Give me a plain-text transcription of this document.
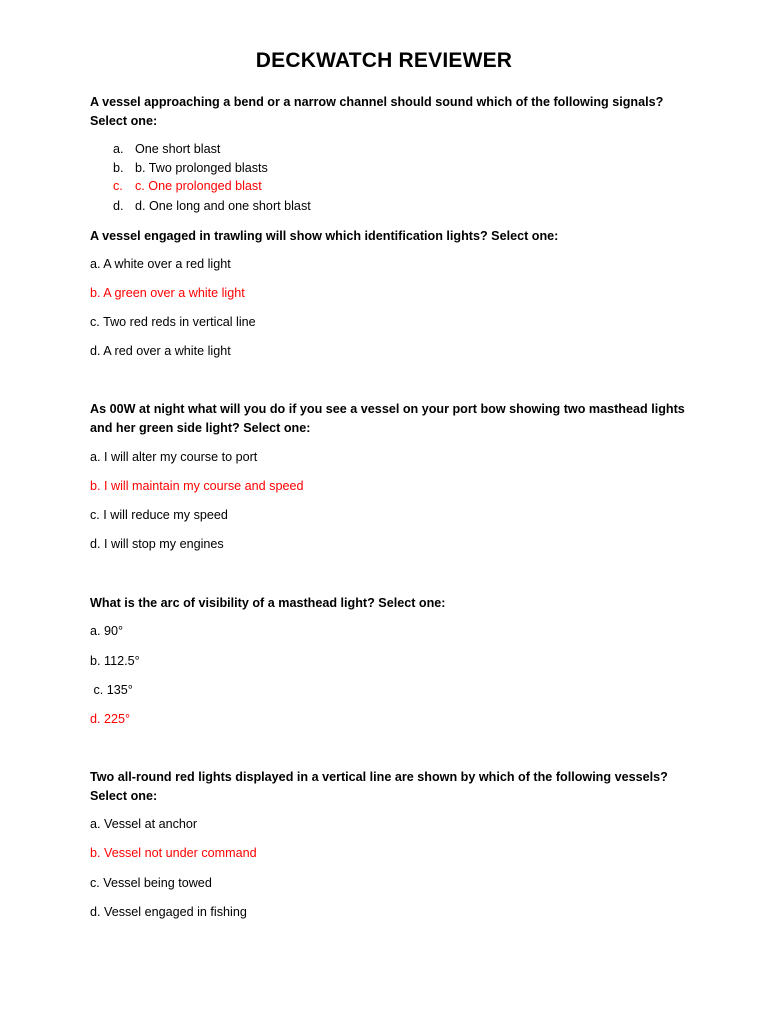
DECKWATCH REVIEWER
A vessel approaching a bend or a narrow channel should sound which of the following signals? Select one:
a. One short blast
b. b. Two prolonged blasts
c. c. One prolonged blast
d. d. One long and one short blast
A vessel engaged in trawling will show which identification lights? Select one:
a. A white over a red light
b. A green over a white light
c. Two red reds in vertical line
d. A red over a white light
As 00W at night what will you do if you see a vessel on your port bow showing two masthead lights and her green side light? Select one:
a. I will alter my course to port
b. I will maintain my course and speed
c. I will reduce my speed
d. I will stop my engines
What is the arc of visibility of a masthead light? Select one:
a. 90°
b. 112.5°
c. 135°
d. 225°
Two all-round red lights displayed in a vertical line are shown by which of the following vessels? Select one:
a. Vessel at anchor
b. Vessel not under command
c. Vessel being towed
d. Vessel engaged in fishing
